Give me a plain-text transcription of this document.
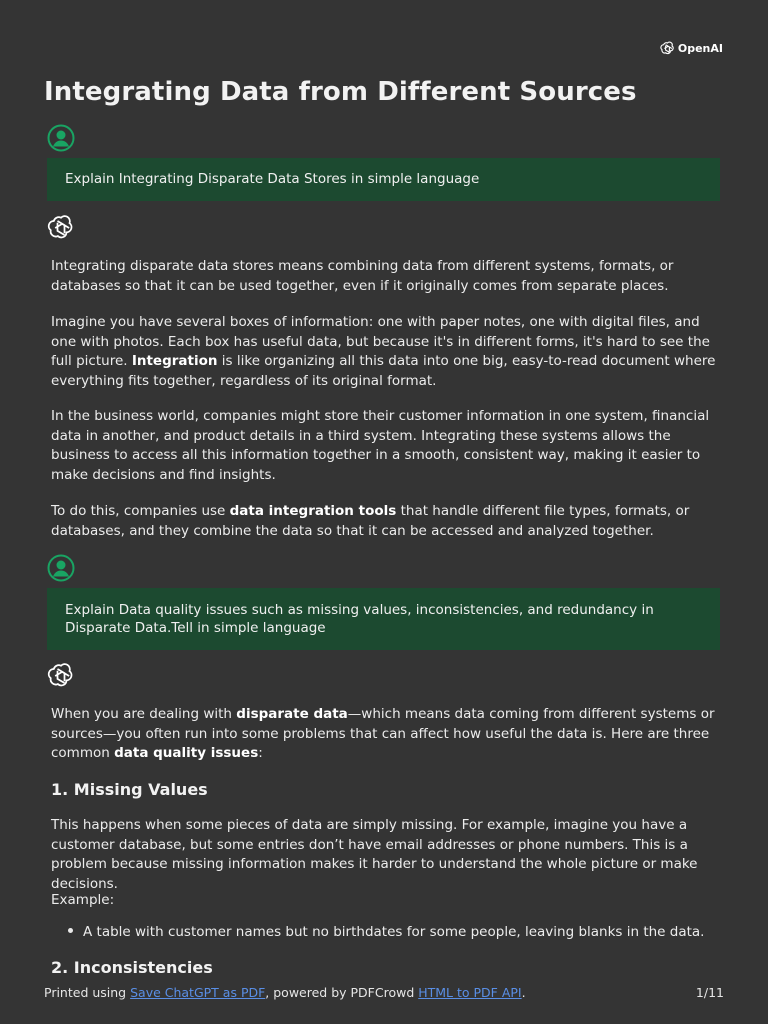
OpenAI
Integrating Data from Different Sources
Explain Integrating Disparate Data Stores in simple language

Integrating disparate data stores means combining data from different systems, formats, or databases so that it can be used together, even if it originally comes from separate places.

Imagine you have several boxes of information: one with paper notes, one with digital files, and one with photos. Each box has useful data, but because it's in different forms, it's hard to see the full picture. Integration is like organizing all this data into one big, easy-to-read document where everything fits together, regardless of its original format.

In the business world, companies might store their customer information in one system, financial data in another, and product details in a third system. Integrating these systems allows the business to access all this information together in a smooth, consistent way, making it easier to make decisions and find insights.

To do this, companies use data integration tools that handle different file types, formats, or databases, and they combine the data so that it can be accessed and analyzed together.

Explain Data quality issues such as missing values, inconsistencies, and redundancy in Disparate Data.Tell in simple language

When you are dealing with disparate data—which means data coming from different systems or sources—you often run into some problems that can affect how useful the data is. Here are three common data quality issues:

1. Missing Values

This happens when some pieces of data are simply missing. For example, imagine you have a customer database, but some entries don’t have email addresses or phone numbers. This is a problem because missing information makes it harder to understand the whole picture or make decisions.

Example:

A table with customer names but no birthdates for some people, leaving blanks in the data.
2. Inconsistencies
Printed using Save ChatGPT as PDF, powered by PDFCrowd HTML to PDF API.	1/11
